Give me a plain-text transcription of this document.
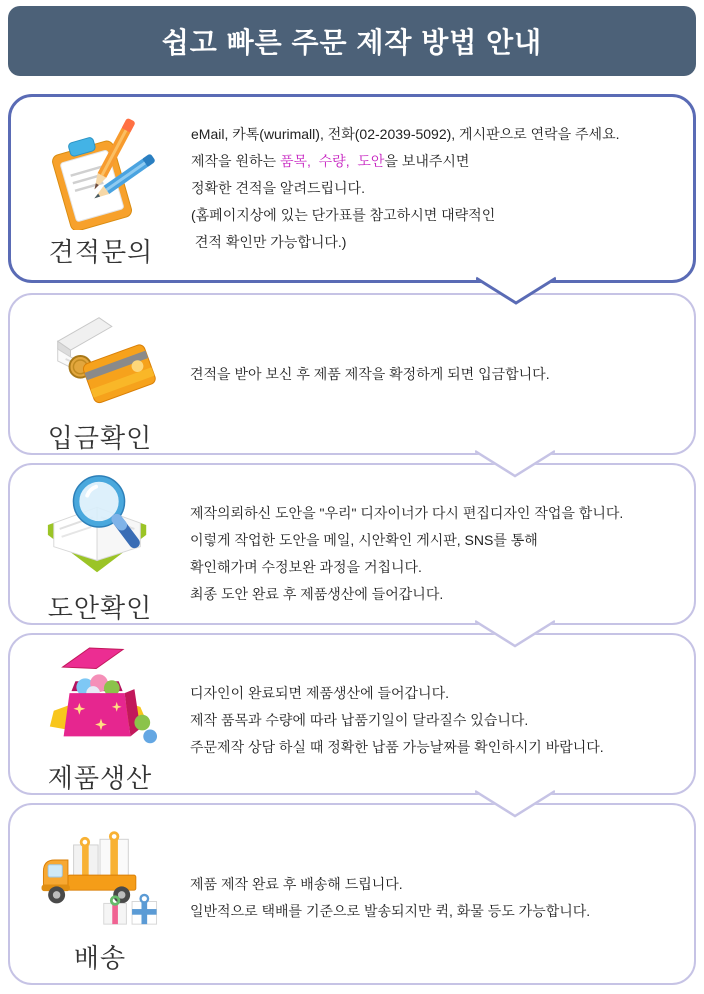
쉽고 빠른 주문 제작 방법 안내
견적문의
eMail, 카톡(wurimall), 전화(02-2039-5092), 게시판으로 연락을 주세요.
제작을 원하는 품목,  수량,  도안을 보내주시면
정확한 견적을 알려드립니다.
(홈페이지상에 있는 단가표를 참고하시면 대략적인
견적 확인만 가능합니다.)
입금확인
견적을 받아 보신 후 제품 제작을 확정하게 되면 입금합니다.
도안확인
제작의뢰하신 도안을 "우리" 디자이너가 다시 편집디자인 작업을 합니다.
이렇게 작업한 도안을 메일, 시안확인 게시판, SNS를 통해
확인해가며 수정보완 과정을 거칩니다.
최종 도안 완료 후 제품생산에 들어갑니다.
제품생산
디자인이 완료되면 제품생산에 들어갑니다.
제작 품목과 수량에 따라 납품기일이 달라질수 있습니다.
주문제작 상담 하실 때 정확한 납품 가능날짜를 확인하시기 바랍니다.
배송
제품 제작 완료 후 배송해 드립니다.
일반적으로 택배를 기준으로 발송되지만 퀵, 화물 등도 가능합니다.
